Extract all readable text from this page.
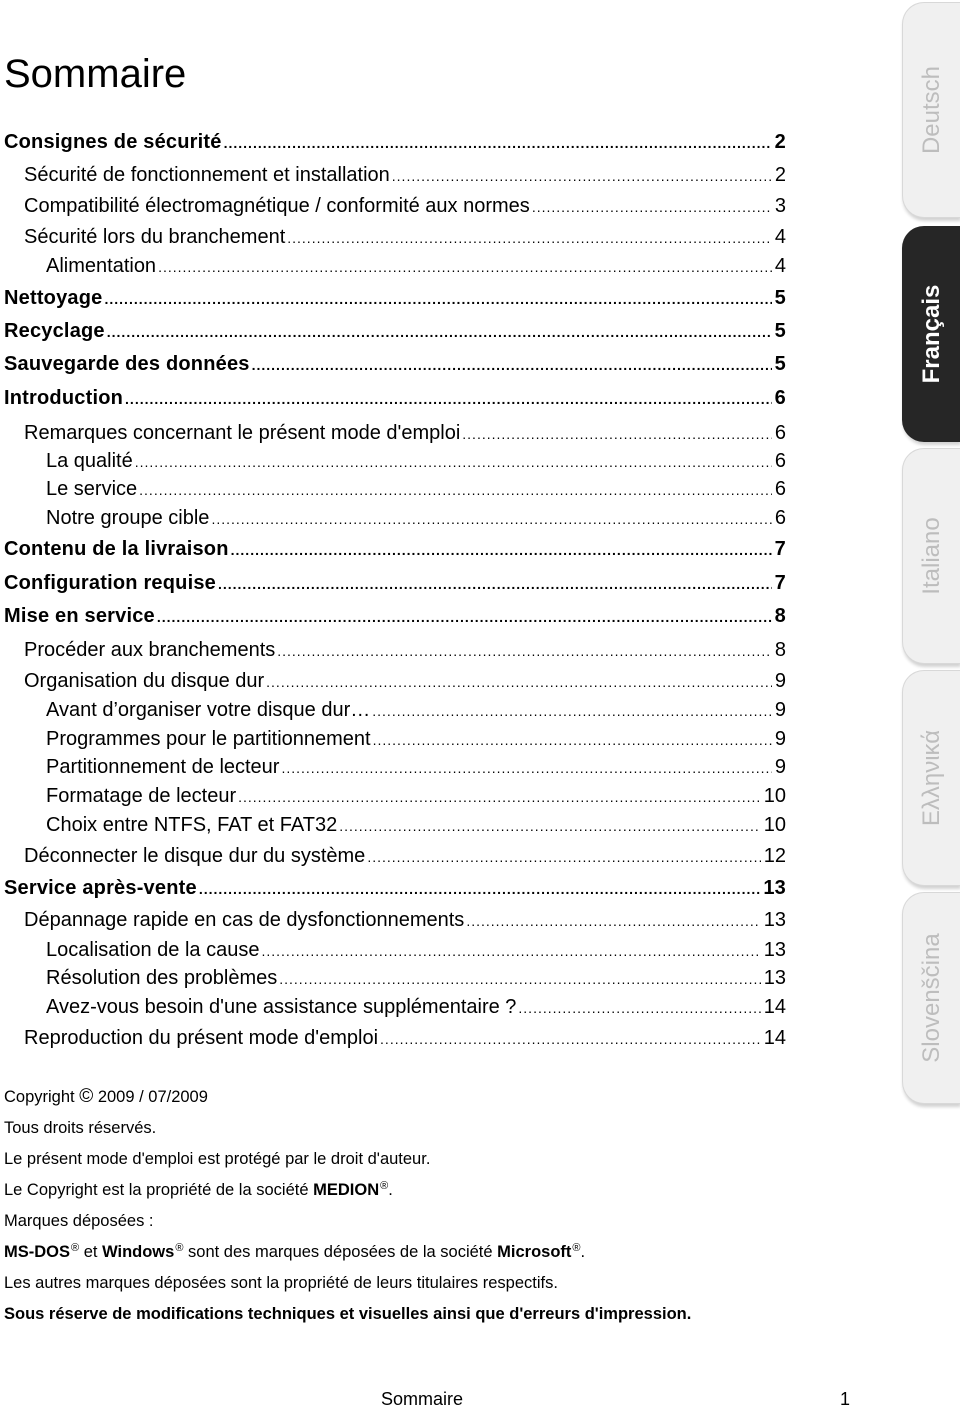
Sommaire
Consignes de sécurité .....	2
Sécurité de fonctionnement et installation .....	2
Compatibilité électromagnétique / conformité aux normes .....	3
Sécurité lors du branchement .....	4
Alimentation .....	4
Nettoyage .....	5
Recyclage .....	5
Sauvegarde des données .....	5
Introduction .....	6
Remarques concernant le présent mode d'emploi .....	6
La qualité .....	6
Le service .....	6
Notre groupe cible .....	6
Contenu de la livraison .....	7
Configuration requise .....	7
Mise en service .....	8
Procéder aux branchements .....	8
Organisation du disque dur .....	9
Avant d’organiser votre disque dur… .....	9
Programmes pour le partitionnement .....	9
Partitionnement de lecteur .....	9
Formatage de lecteur .....	10
Choix entre NTFS, FAT et FAT32 .....	10
Déconnecter le disque dur du système .....	12
Service après-vente .....	13
Dépannage rapide en cas de dysfonctionnements .....	13
Localisation de la cause .....	13
Résolution des problèmes .....	13
Avez-vous besoin d'une assistance supplémentaire ? .....	14
Reproduction du présent mode d'emploi .....	14
Copyright © 2009 / 07/2009
Tous droits réservés.
Le présent mode d'emploi est protégé par le droit d'auteur.
Le Copyright est la propriété de la société MEDION®.
Marques déposées :
MS-DOS® et Windows® sont des marques déposées de la société Microsoft®.
Les autres marques déposées sont la propriété de leurs titulaires respectifs.
Sous réserve de modifications techniques et visuelles ainsi que d'erreurs d'impression.
Sommaire	1
Deutsch
Français
Italiano
Ελληνικά
Slovenščina
